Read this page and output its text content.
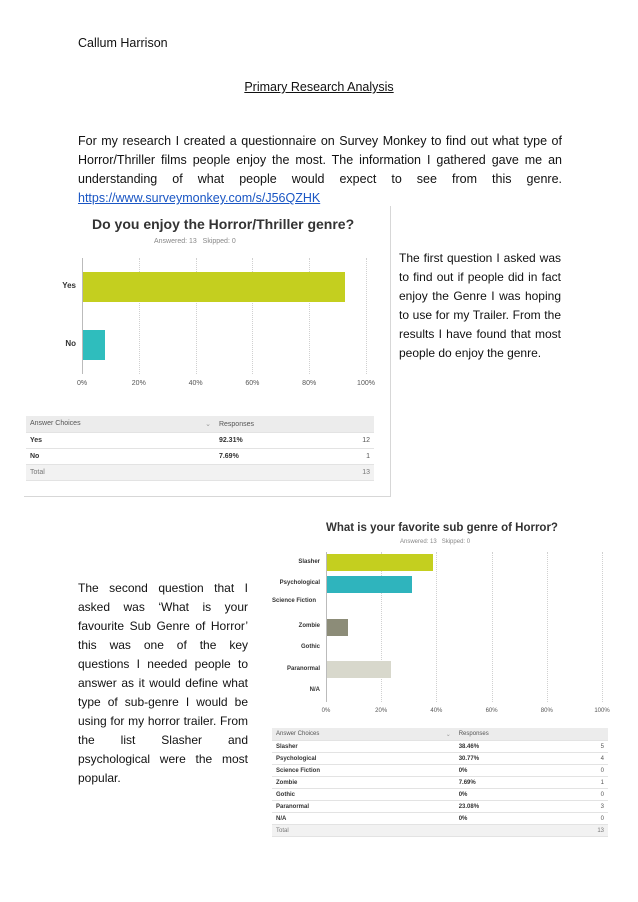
Callum Harrison
Primary Research Analysis
For my research I created a questionnaire on Survey Monkey to find out what type of Horror/Thriller films people enjoy the most. The information I gathered gave me an understanding of what people would expect to see from this genre. https://www.surveymonkey.com/s/J56QZHK
Do you enjoy the Horror/Thriller genre?
Answered: 13 Skipped: 0
0%	20%	40%	60%	80%	100%
Yes
No
Answer Choices ⌄	Responses	
Yes	92.31%	12
No	7.69%	1
Total		13
The first question I asked was to find out if people did in fact enjoy the Genre I was hoping to use for my Trailer. From the results I have found that most people do enjoy the genre.
What is your favorite sub genre of Horror?
Answered: 13 Skipped: 0
0%	20%	40%	60%	80%	100%
Slasher
Psychological
Science Fiction
Zombie
Gothic
Paranormal
N/A
Answer Choices ⌄	Responses	
Slasher	38.46%	5
Psychological	30.77%	4
Science Fiction	0%	0
Zombie	7.69%	1
Gothic	0%	0
Paranormal	23.08%	3
N/A	0%	0
Total		13
The second question that I asked was ‘What is your favourite Sub Genre of Horror’ this was one of the key questions I needed people to answer as it would define what type of sub-genre I would be using for my horror trailer. From the list Slasher and psychological were the most popular.
